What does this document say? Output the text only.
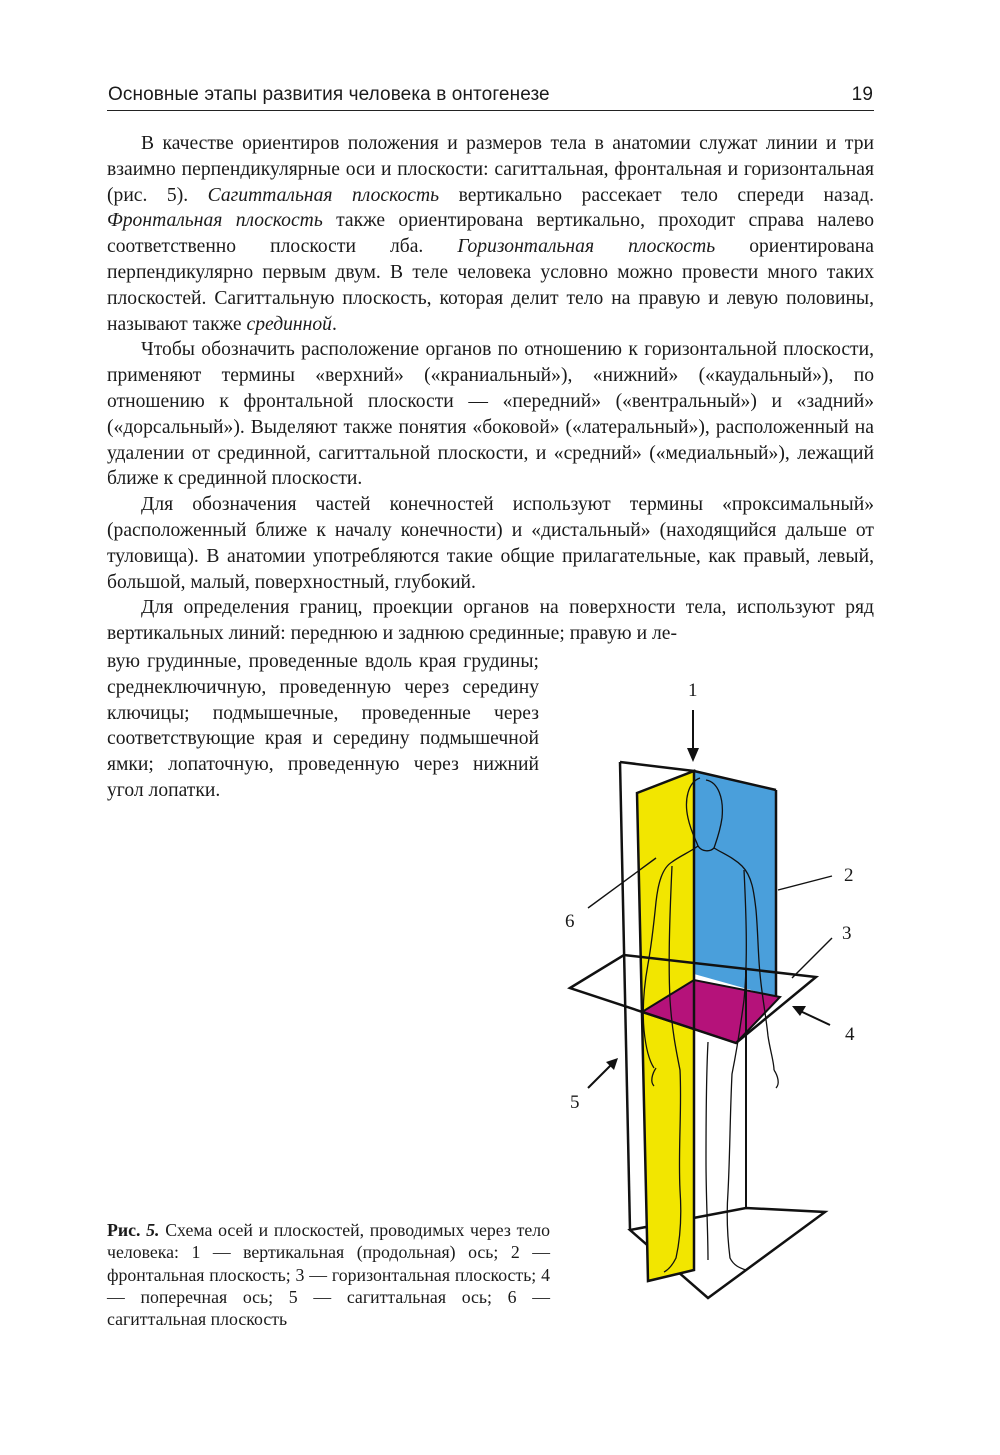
Основные этапы развития человека в онтогенезе	19

В качестве ориентиров положения и размеров тела в анатомии служат линии и три взаимно перпендикулярные оси и плоскости: сагиттальная, фронтальная и горизонтальная (рис. 5). Сагиттальная плоскость вертикально рассекает тело спереди назад. Фронтальная плоскость также ориентирована вертикально, проходит справа налево соответственно плоскости лба. Горизонтальная плоскость ориентирована перпендикулярно первым двум. В теле человека условно можно провести много таких плоскостей. Сагиттальную плоскость, которая делит тело на правую и левую половины, называют также срединной.

Чтобы обозначить расположение органов по отношению к горизонтальной плоскости, применяют термины «верхний» («краниальный»), «нижний» («каудальный»), по отношению к фронтальной плоскости — «передний» («вентральный») и «задний» («дорсальный»). Выделяют также понятия «боковой» («латеральный»), расположенный на удалении от срединной, сагиттальной плоскости, и «средний» («медиальный»), лежащий ближе к срединной плоскости.

Для обозначения частей конечностей используют термины «проксимальный» (расположенный ближе к началу конечности) и «дистальный» (находящийся дальше от туловища). В анатомии употребляются такие общие прилагательные, как правый, левый, большой, малый, поверхностный, глубокий.

Для определения границ, проекции органов на поверхности тела, используют ряд вертикальных линий: переднюю и заднюю срединные; правую и ле-

вую грудинные, проведенные вдоль края грудины; среднеключичную, проведенную через середину ключицы; подмышечные, проведенные через соответствующие края и середину подмышечной ямки; лопаточную, проведенную через нижний угол лопатки.

1
2
3
4
5
6
Рис. 5. Схема осей и плоскостей, проводимых через тело человека: 1 — вертикальная (продольная) ось; 2 — фронтальная плоскость; 3 — горизонтальная плоскость; 4 — поперечная ось; 5 — сагиттальная ось; 6 — сагиттальная плоскость
